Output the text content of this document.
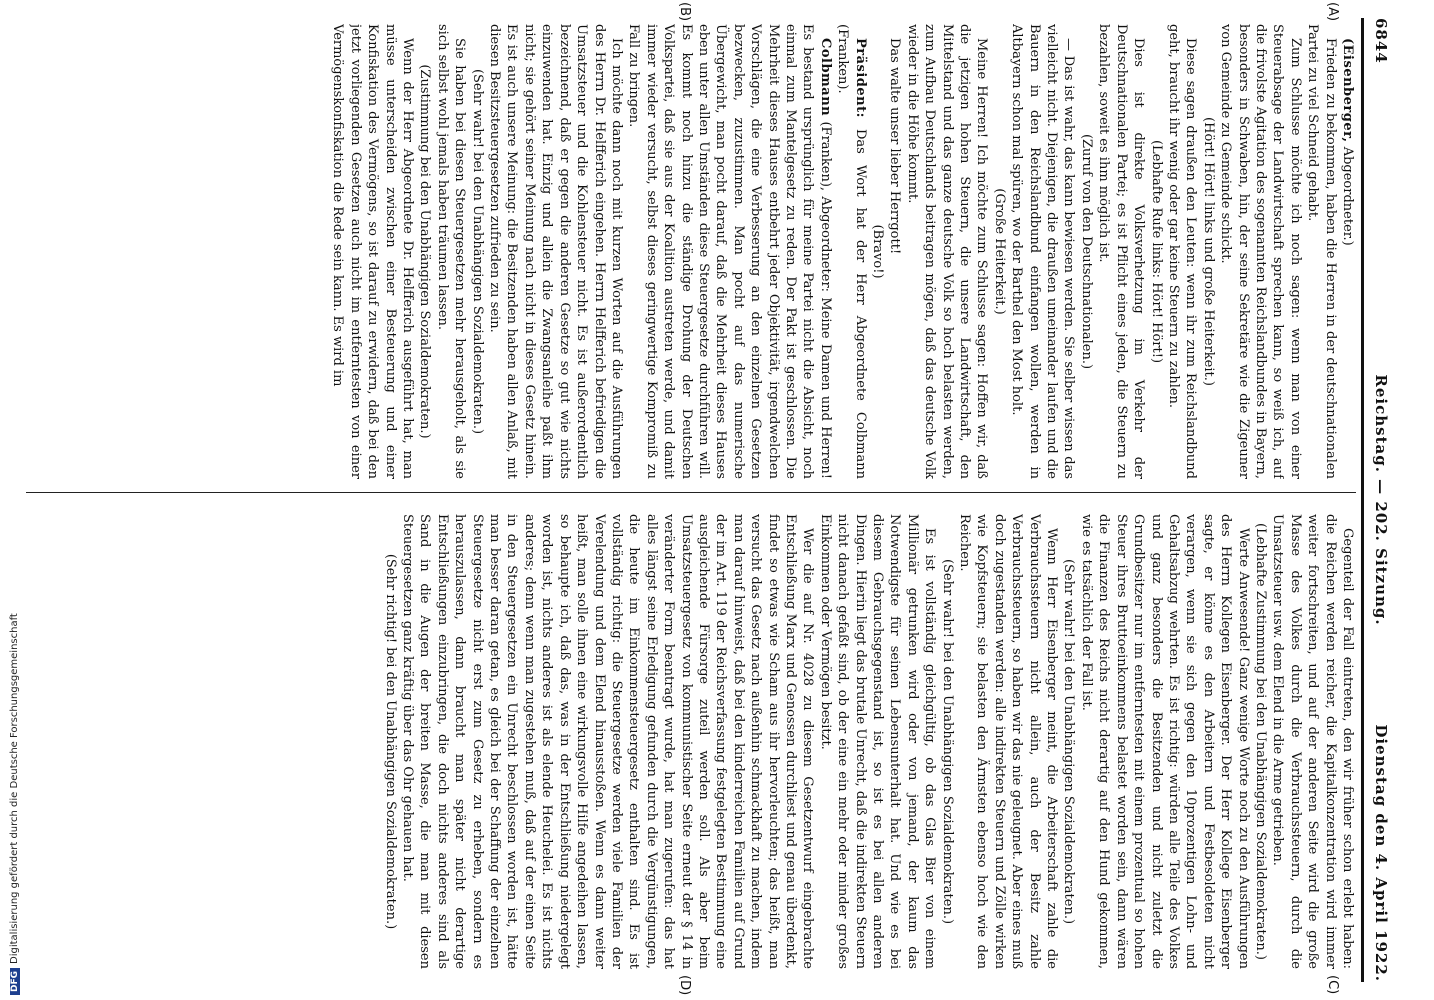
6844
Reichstag. — 202. Sitzung.
Dienstag den 4. April 1922.
(A)
(B)
(C)
(D)

(Eisenberger, Abgeordneter.)

Frieden zu bekommen, haben die Herren in der deutschnationalen Partei zu viel Schneid gehabt.

Zum Schlusse möchte ich noch sagen: wenn man von einer Steuerabsage der Landwirtschaft sprechen kann, so weiß ich, auf die frivolste Agitation des sogenannten Reichslandbundes in Bayern, besonders in Schwaben, hin, der seine Sekretäre wie die Zigeuner von Gemeinde zu Gemeinde schickt.

(Hört! Hört! links und große Heiterkeit.)

Diese sagen draußen den Leuten: wenn ihr zum Reichslandbund geht, braucht ihr wenig oder gar keine Steuern zu zahlen.

(Lebhafte Rufe links: Hört! Hört!)

Dies ist direkte Volksverhetzung im Verkehr der Deutschnationalen Partei; es ist Pflicht eines jeden, die Steuern zu bezahlen, soweit es ihm möglich ist.

(Zuruf von den Deutschnationalen.)

— Das ist wahr, das kann bewiesen werden. Sie selber wissen das vielleicht nicht. Diejenigen, die draußen umeinander laufen und die Bauern in den Reichslandbund einfangen wollen, werden in Altbayern schon mal spüren, wo der Barthel den Most holt.

(Große Heiterkeit.)

Meine Herren! Ich möchte zum Schlusse sagen: Hoffen wir, daß die jetzigen hohen Steuern, die unsere Landwirtschaft, den Mittelstand und das ganze deutsche Volk so hoch belasten werden, zum Aufbau Deutschlands beitragen mögen, daß das deutsche Volk wieder in die Höhe kommt.

Das walte unser lieber Herrgott!

(Bravo!)

Präsident: Das Wort hat der Herr Abgeordnete Colbmann (Franken).

Colbmann (Franken), Abgeordneter: Meine Damen und Herren! Es bestand ursprünglich für meine Partei nicht die Absicht, noch einmal zum Mantelgesetz zu reden. Der Pakt ist geschlossen. Die Mehrheit dieses Hauses entbehrt jeder Objektivität, irgendwelchen Vorschlägen, die eine Verbesserung an den einzelnen Gesetzen bezwecken, zuzustimmen. Man pocht auf das numerische Übergewicht, man pocht darauf, daß die Mehrheit dieses Hauses eben unter allen Umständen diese Steuergesetze durchführen will. Es kommt noch hinzu die ständige Drohung der Deutschen Volkspartei, daß sie aus der Koalition austreten werde, und damit immer wieder versucht, selbst dieses geringwertige Kompromiß zu Fall zu bringen.

Ich möchte dann noch mit kurzen Worten auf die Ausführungen des Herrn Dr. Helfferich eingehen. Herrn Helfferich befriedigen die Umsatzsteuer und die Kohlensteuer nicht. Es ist außerordentlich bezeichnend, daß er gegen die anderen Gesetze so gut wie nichts einzuwenden hat. Einzig und allein die Zwangsanleihe paßt ihm nicht; sie gehört seiner Meinung nach nicht in dieses Gesetz hinein. Es ist auch unsere Meinung: die Besitzenden haben allen Anlaß, mit diesen Besitzsteuergesetzen zufrieden zu sein.

(Sehr wahr! bei den Unabhängigen Sozialdemokraten.)

Sie haben bei diesen Steuergesetzen mehr herausgeholt, als sie sich selbst wohl jemals haben träumen lassen.

(Zustimmung bei den Unabhängigen Sozialdemokraten.)

Wenn der Herr Abgeordnete Dr. Helfferich ausgeführt hat, man müsse unterscheiden zwischen einer Besteuerung und einer Konfiskation des Vermögens, so ist darauf zu erwidern, daß bei den jetzt vorliegenden Gesetzen auch nicht im entferntesten von einer Vermögenskonfiskation die Rede sein kann. Es wird im

Gegenteil der Fall eintreten, den wir früher schon erlebt haben: die Reichen werden reicher, die Kapitalkonzentration wird immer weiter fortschreiten, und auf der anderen Seite wird die große Masse des Volkes durch die Verbrauchssteuern, durch die Umsatzsteuer usw. dem Elend in die Arme getrieben.

(Lebhafte Zustimmung bei den Unabhängigen Sozialdemokraten.)

Werte Anwesende! Ganz wenige Worte noch zu den Ausführungen des Herrn Kollegen Eisenberger. Der Herr Kollege Eisenberger sagte, er könne es den Arbeitern und Festbesoldeten nicht verargen, wenn sie sich gegen den 10prozentigen Lohn- und Gehaltsabzug wehrten. Es ist richtig: würden alle Teile des Volkes und ganz besonders die Besitzenden und nicht zuletzt die Grundbesitzer nur im entferntesten mit einem prozentual so hohen Steuer ihres Bruttoeinkommens belastet worden sein, dann wären die Finanzen des Reichs nicht derartig auf den Hund gekommen, wie es tatsächlich der Fall ist.

(Sehr wahr! bei den Unabhängigen Sozialdemokraten.)

Wenn Herr Eisenberger meint, die Arbeiterschaft zahle die Verbrauchssteuern nicht allein, auch der Besitz zahle Verbrauchssteuern, so haben wir das nie geleugnet. Aber eines muß doch zugestanden werden: alle indirekten Steuern und Zölle wirken wie Kopfsteuern; sie belasten den Ärmsten ebenso hoch wie den Reichen.

(Sehr wahr! bei den Unabhängigen Sozialdemokraten.)

Es ist vollständig gleichgültig, ob das Glas Bier von einem Millionär getrunken wird oder von jemand, der kaum das Notwendigste für seinen Lebensunterhalt hat. Und wie es bei diesem Gebrauchsgegenstand ist, so ist es bei allen anderen Dingen. Hierin liegt das brutale Unrecht, daß die indirekten Steuern nicht danach gefaßt sind, ob der eine ein mehr oder minder großes Einkommen oder Vermögen besitzt.

Wer die auf Nr. 4028 zu diesem Gesetzentwurf eingebrachte Entschließung Marx und Genossen durchliest und genau überdenkt, findet so etwas wie Scham aus ihr hervorleuchten; das heißt, man versucht das Gesetz nach außenhin schmackhaft zu machen, indem man darauf hinweist, daß bei den kinderreichen Familien auf Grund der im Art. 119 der Reichsverfassung festgelegten Bestimmung eine ausgleichende Fürsorge zuteil werden soll. Als aber beim Umsatzsteuergesetz von kommunistischer Seite erneut der § 14 in veränderter Form beantragt wurde, hat man zugerufen: das hat alles längst seine Erledigung gefunden durch die Vergünstigungen, die heute im Einkommensteuergesetz enthalten sind. Es ist vollständig richtig: die Steuergesetze werden viele Familien der Verelendung und dem Elend hinausstoßen. Wenn es dann weiter heißt, man solle ihnen eine wirkungsvolle Hilfe angedeihen lassen, so behaupte ich, daß das, was in der Entschließung niedergelegt worden ist, nichts anderes ist als elende Heuchelei. Es ist nichts anderes; denn wenn man zugestehen muß, daß auf der einen Seite in den Steuergesetzen ein Unrecht beschlossen worden ist, hätte man besser daran getan, es gleich bei der Schaffung der einzelnen Steuergesetze nicht erst zum Gesetz zu erheben, sondern es herauszulassen, dann braucht man später nicht derartige Entschließungen einzubringen, die doch nichts anderes sind als Sand in die Augen der breiten Masse, die man mit diesen Steuergesetzen ganz kräftig über das Ohr gehauen hat.

(Sehr richtig! bei den Unabhängigen Sozialdemokraten.)

DFGDigitalisierung gefördert durch die Deutsche Forschungsgemeinschaft
